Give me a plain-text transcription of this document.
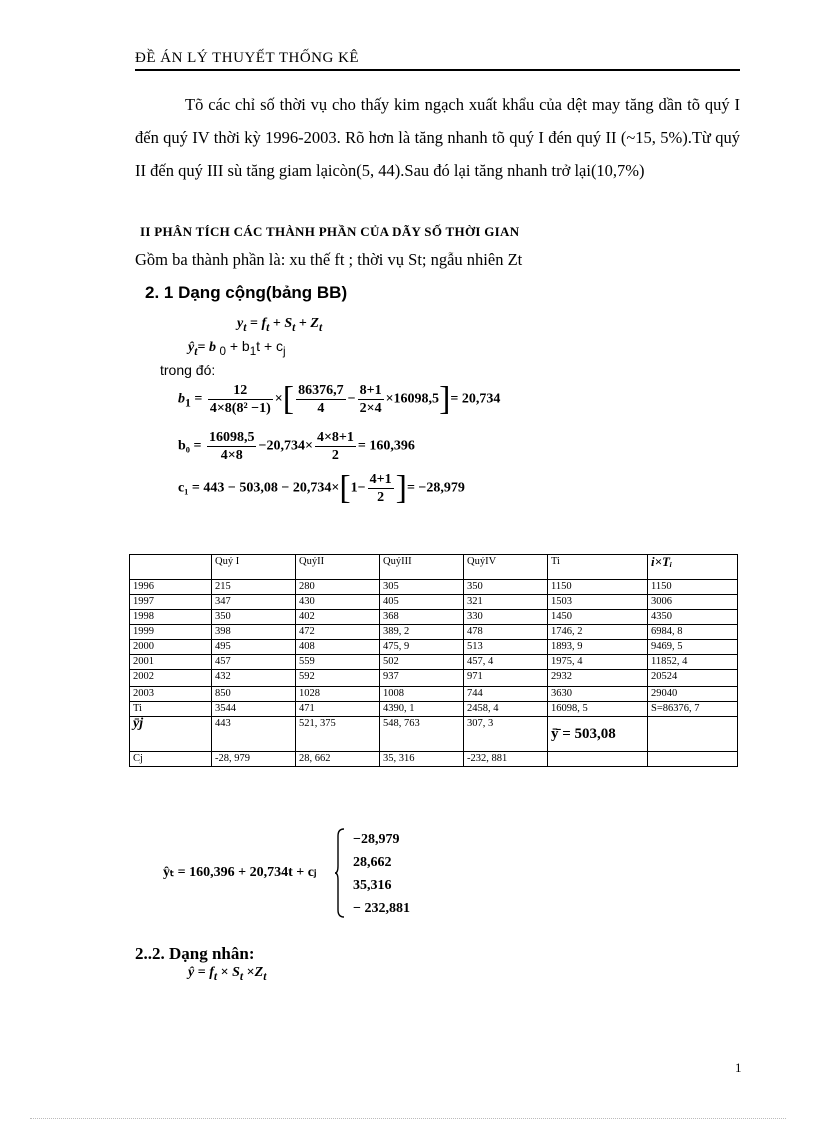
ĐỀ ÁN LÝ THUYẾT THỐNG KÊ
Tõ các chỉ số thời vụ cho thấy kim ngạch xuất khẩu của dệt may tăng dần tõ quý I đến quý IV thời kỳ 1996-2003. Rõ hơn là tăng nhanh tõ quý I đén quý II (~15, 5%).Từ quý II đến quý III sù tăng giam lạicòn(5, 44).Sau đó lại tăng nhanh trở lại(10,7%)
II PHÂN TÍCH CÁC THÀNH PHẦN CỦA DÃY SỐ THỜI GIAN
Gồm ba thành phần là: xu thế ft ; thời vụ St; ngẫu nhiên Zt
2. 1 Dạng cộng(bảng BB)
$y_t = f_t + S_t + Z_t$
$ŷ_t= b$ $_0 + b_1t + c_j$
trong đó:
$b_1 = \frac{12}{\text{4×8(8² −1)}}$ ×[ $\frac{86376,7}{4} - \frac{8+1}{2\times 4} \times 16098,5]= 20,734$
$b_0 = \frac{16098,5}{4\times 8} -20,734\times \frac{4\times 8+1}{2} = 160,396$
$c_1 = 443 - 503,08 - 20,734\times[1- \frac{4+1}{2}$ ]= −28,979
	Quý I	QuýII	QuýIII	QuýIV	Ti	i×Tᵢ
1996	215	280	305	350	1150	1150
1997	347	430	405	321	1503	3006
1998	350	402	368	330	1450	4350
1999	398	472	389, 2	478	1746, 2	6984, 8
2000	495	408	475, 9	513	1893, 9	9469, 5
2001	457	559	502	457, 4	1975, 4	11852, 4
2002	432	592	937	971	2932	20524
2003	850	1028	1008	744	3630	29040
Ti	3544	471	4390, 1	2458, 4	16098, 5	S=86376, 7
ȳj	443	521, 375	548, 763	307, 3	ȳ̄ = 503,08	
Cj	-28, 979	28, 662	35, 316	-232, 881		
ŷₜ = 160,396 + 20,734t + cⱼ
−28,979
28,662
35,316
− 232,881
2..2. Dạng nhân:
ŷ = $f_t \times S_t \times Z_t$
1
